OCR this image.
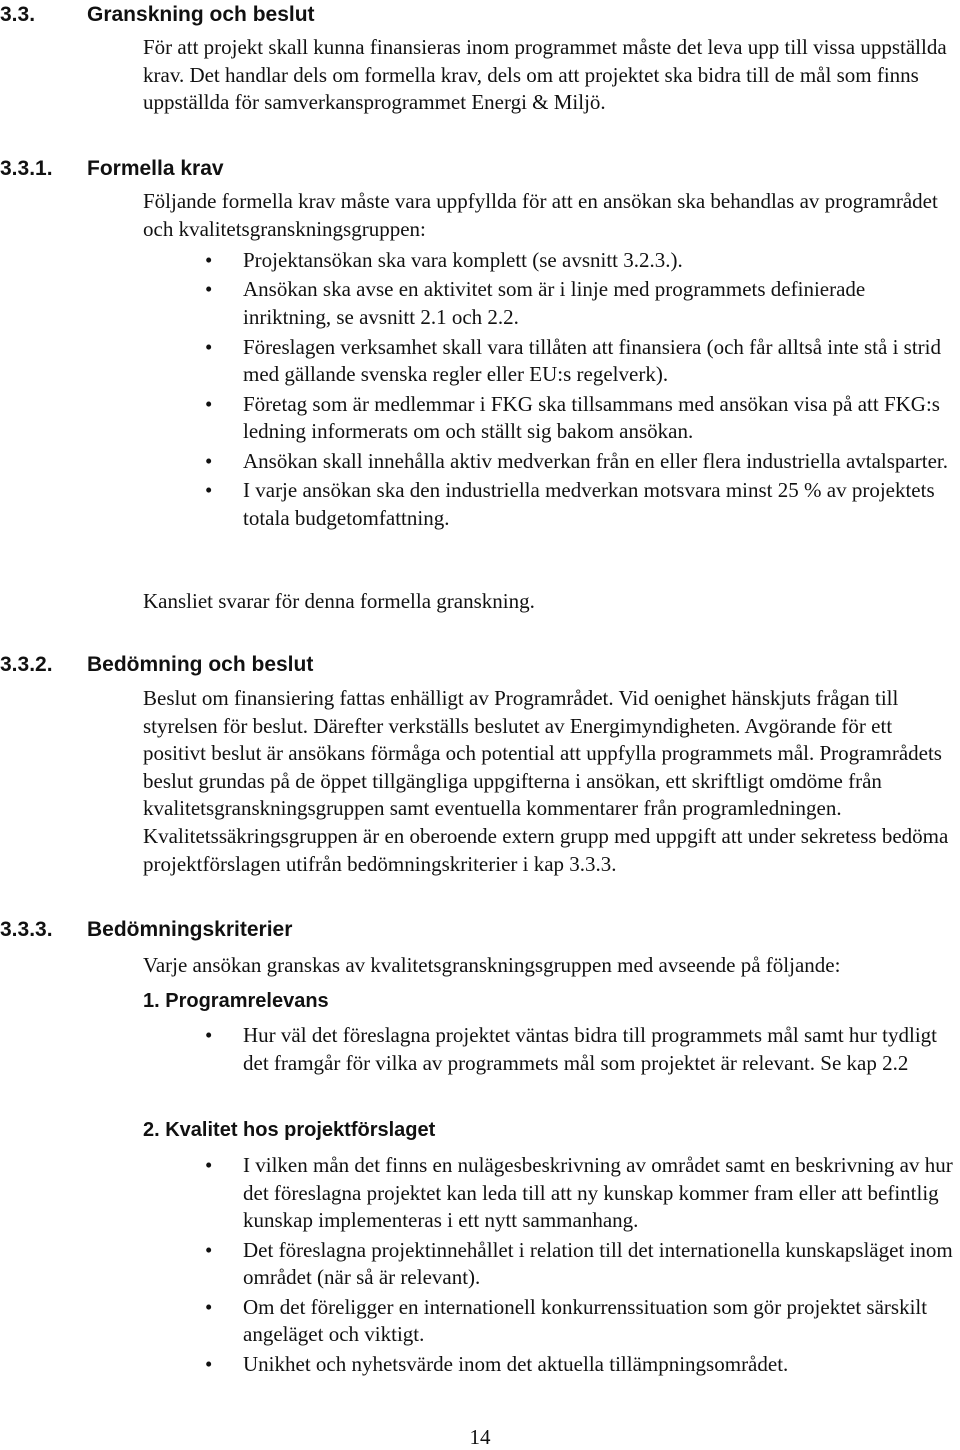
3.3. Granskning och beslut

För att projekt skall kunna finansieras inom programmet måste det leva upp till vissa uppställda krav. Det handlar dels om formella krav, dels om att projektet ska bidra till de mål som finns uppställda för samverkansprogrammet Energi & Miljö.

3.3.1. Formella krav

Följande formella krav måste vara uppfyllda för att en ansökan ska behandlas av programrådet och kvalitetsgranskningsgruppen:

• Projektansökan ska vara komplett (se avsnitt 3.2.3.).
• Ansökan ska avse en aktivitet som är i linje med programmets definierade inriktning, se avsnitt 2.1 och 2.2.
• Föreslagen verksamhet skall vara tillåten att finansiera (och får alltså inte stå i strid med gällande svenska regler eller EU:s regelverk).
• Företag som är medlemmar i FKG ska tillsammans med ansökan visa på att FKG:s ledning informerats om och ställt sig bakom ansökan.
• Ansökan skall innehålla aktiv medverkan från en eller flera industriella avtalsparter.
• I varje ansökan ska den industriella medverkan motsvara minst 25 % av projektets totala budgetomfattning.

Kansliet svarar för denna formella granskning.

3.3.2. Bedömning och beslut

Beslut om finansiering fattas enhälligt av Programrådet. Vid oenighet hänskjuts frågan till styrelsen för beslut. Därefter verkställs beslutet av Energimyndigheten. Avgörande för ett positivt beslut är ansökans förmåga och potential att uppfylla programmets mål. Programrådets beslut grundas på de öppet tillgängliga uppgifterna i ansökan, ett skriftligt omdöme från kvalitetsgranskningsgruppen samt eventuella kommentarer från programledningen. Kvalitetssäkringsgruppen är en oberoende extern grupp med uppgift att under sekretess bedöma projektförslagen utifrån bedömningskriterier i kap 3.3.3.

3.3.3. Bedömningskriterier

Varje ansökan granskas av kvalitetsgranskningsgruppen med avseende på följande:

1. Programrelevans
• Hur väl det föreslagna projektet väntas bidra till programmets mål samt hur tydligt det framgår för vilka av programmets mål som projektet är relevant. Se kap 2.2
2. Kvalitet hos projektförslaget
• I vilken mån det finns en nulägesbeskrivning av området samt en beskrivning av hur det föreslagna projektet kan leda till att ny kunskap kommer fram eller att befintlig kunskap implementeras i ett nytt sammanhang.
• Det föreslagna projektinnehållet i relation till det internationella kunskapsläget inom området (när så är relevant).
• Om det föreligger en internationell konkurrenssituation som gör projektet särskilt angeläget och viktigt.
• Unikhet och nyhetsvärde inom det aktuella tillämpningsområdet.
14
